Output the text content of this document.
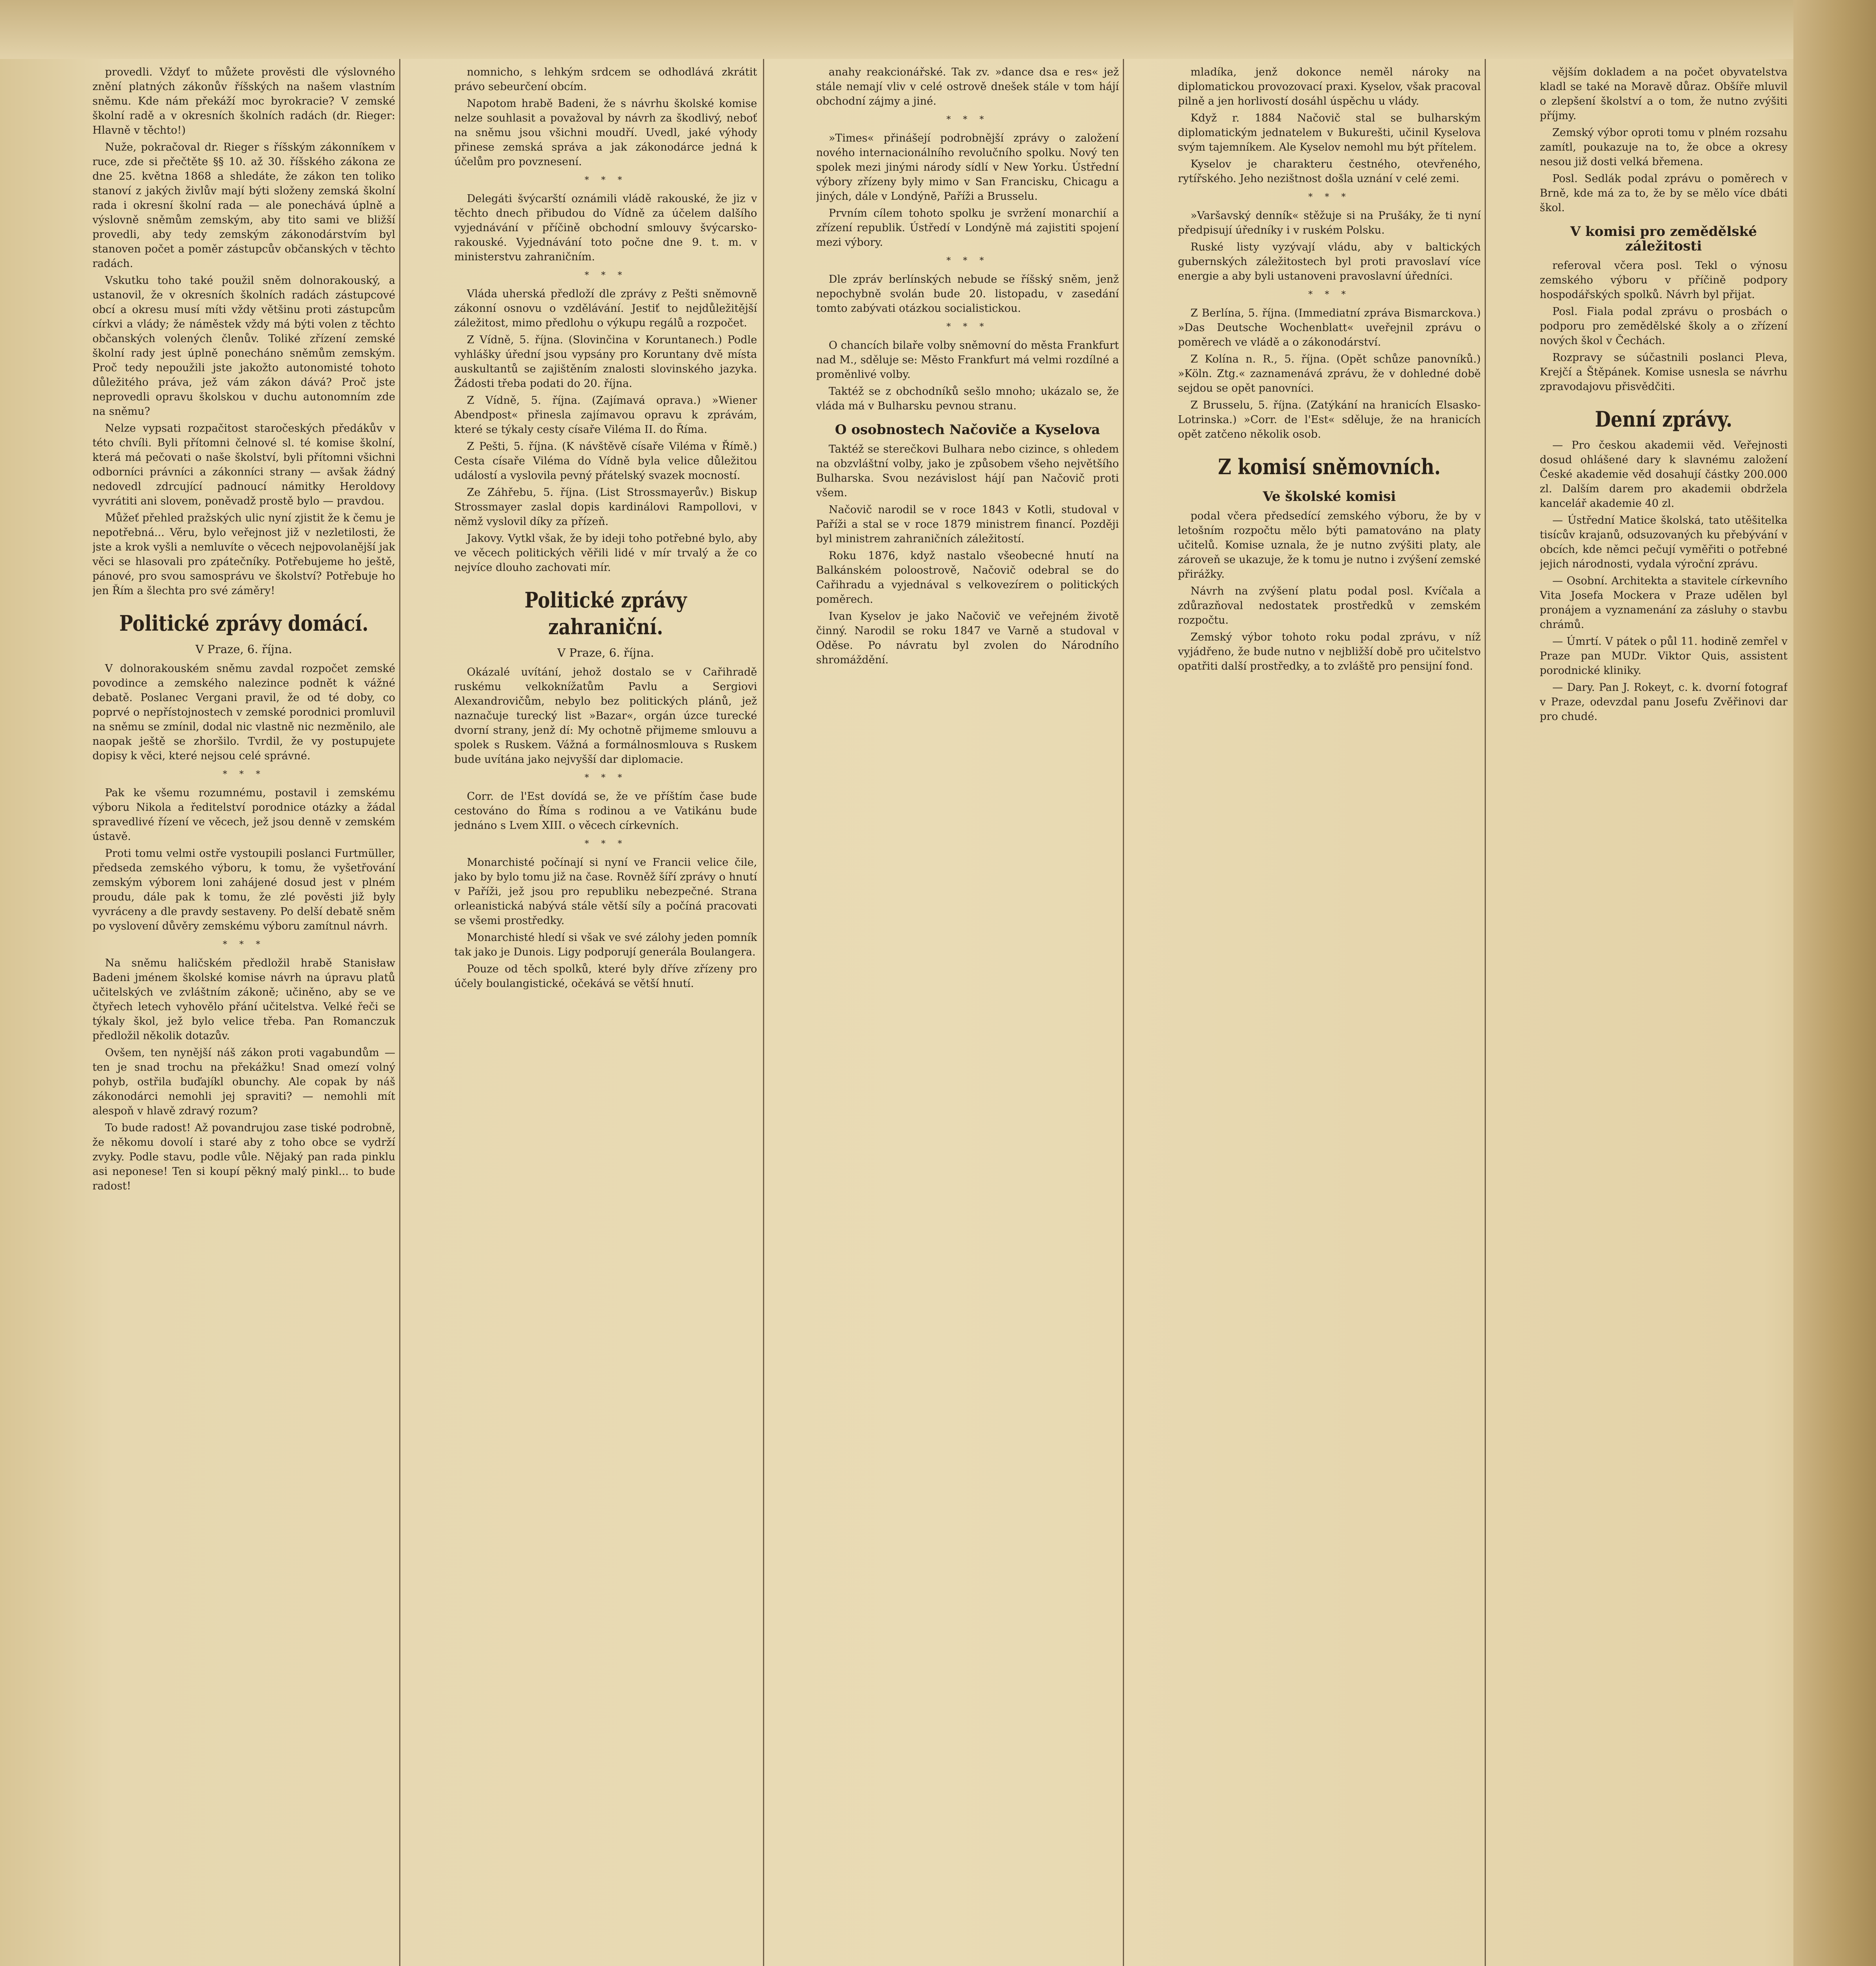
provedli. Vždyť to můžete prověsti dle výslovného znění platných zákonův říšských na našem vlastním sněmu. Kde nám překáží moc byrokracie? V zemské školní radě a v okresních školních radách (dr. Rieger: Hlavně v těchto!)

Nuže, pokračoval dr. Rieger s říšským zákonníkem v ruce, zde si přečtěte §§ 10. až 30. říšského zákona ze dne 25. května 1868 a shledáte, že zákon ten toliko stanoví z jakých živlův mají býti složeny zemská školní rada i okresní školní rada — ale ponechává úplně a výslovně sněmům zemským, aby tito sami ve bližší provedli, aby tedy zemským zákonodárstvím byl stanoven počet a poměr zástupcův občanských v těchto radách.

Vskutku toho také použil sněm dolnorakouský, a ustanovil, že v okresních školních radách zástupcové obcí a okresu musí míti vždy většinu proti zástupcům církvi a vlády; že náměstek vždy má býti volen z těchto občanských volených členův. Toliké zřízení zemské školní rady jest úplně ponecháno sněmům zemským. Proč tedy nepoužili jste jakožto autonomisté tohoto důležitého práva, jež vám zákon dává? Proč jste neprovedli opravu školskou v duchu autonomním zde na sněmu?

Nelze vypsati rozpačitost staročeských předákův v této chvíli. Byli přítomni čelnové sl. té komise školní, která má pečovati o naše školství, byli přítomni všichni odborníci právníci a zákonníci strany — avšak žádný nedovedl zdrcující padnoucí námitky Heroldovy vyvrátiti ani slovem, poněvadž prostě bylo — pravdou.

Můžeť přehled pražských ulic nyní zjistit že k čemu je nepotřebná... Věru, bylo veřejnost již v nezletilosti, že jste a krok vyšli a nemluvíte o věcech nejpovolanější jak věci se hlasovali pro zpátečníky. Potřebujeme ho ještě, pánové, pro svou samosprávu ve školství? Potřebuje ho jen Řím a šlechta pro své záměry!

Politické zprávy domácí.
V Praze, 6. října.

V dolnorakouském sněmu zavdal rozpočet zemské povodince a zemského nalezince podnět k vážné debatě. Poslanec Vergani pravil, že od té doby, co poprvé o nepřístojnostech v zemské porodnici promluvil na sněmu se zmínil, dodal nic vlastně nic nezměnilo, ale naopak ještě se zhoršilo. Tvrdil, že vy postupujete dopisy k věci, které nejsou celé správné.

* * *

Pak ke všemu rozumnému, postavil i zemskému výboru Nikola a ředitelství porodnice otázky a žádal spravedlivé řízení ve věcech, jež jsou denně v zemském ústavě.

Proti tomu velmi ostře vystoupili poslanci Furtmüller, předseda zemského výboru, k tomu, že vyšetřování zemským výborem loni zahájené dosud jest v plném proudu, dále pak k tomu, že zlé pověsti již byly vyvráceny a dle pravdy sestaveny. Po delší debatě sněm po vyslovení důvěry zemskému výboru zamítnul návrh.

* * *

Na sněmu haličském předložil hrabě Stanisław Badeni jménem školské komise návrh na úpravu platů učitelských ve zvláštním zákoně; učiněno, aby se ve čtyřech letech vyhovělo přání učitelstva. Velké řeči se týkaly škol, jež bylo velice třeba. Pan Romanczuk předložil několik dotazův.

Ovšem, ten nynější náš zákon proti vagabundům — ten je snad trochu na překážku! Snad omezí volný pohyb, ostřila buďajíkl obunchy. Ale copak by náš zákonodárci nemohli jej spraviti? — nemohli mít alespoň v hlavě zdravý rozum?

To bude radost! Až povandrujou zase tiské podrobně, že někomu dovolí i staré aby z toho obce se vydrží zvyky. Podle stavu, podle vůle. Nějaký pan rada pinklu asi neponese! Ten si koupí pěkný malý pinkl... to bude radost!

nomnicho, s lehkým srdcem se odhodlává zkrátit právo sebeurčení obcím.

Napotom hrabě Badeni, že s návrhu školské komise nelze souhlasit a považoval by návrh za škodlivý, neboť na sněmu jsou všichni moudří. Uvedl, jaké výhody přinese zemská správa a jak zákonodárce jedná k účelům pro povznesení.

* * *

Delegáti švýcarští oznámili vládě rakouské, že jiz v těchto dnech přibudou do Vídně za účelem dalšího vyjednávání v příčině obchodní smlouvy švýcarsko-rakouské. Vyjednávání toto počne dne 9. t. m. v ministerstvu zahraničním.

* * *

Vláda uherská předloží dle zprávy z Pešti sněmovně zákonní osnovu o vzdělávání. Jestiť to nejdůležitější záležitost, mimo předlohu o výkupu regálů a rozpočet.

Z Vídně, 5. října. (Slovinčina v Koruntanech.) Podle vyhlášky úřední jsou vypsány pro Koruntany dvě místa auskultantů se zajištěním znalosti slovinského jazyka. Žádosti třeba podati do 20. října.

Z Vídně, 5. října. (Zajímavá oprava.) »Wiener Abendpost« přinesla zajímavou opravu k zprávám, které se týkaly cesty císaře Viléma II. do Říma.

Z Pešti, 5. října. (K návštěvě císaře Viléma v Římě.) Cesta císaře Viléma do Vídně byla velice důležitou událostí a vyslovila pevný přátelský svazek mocností.

Ze Záhřebu, 5. října. (List Strossmayerův.) Biskup Strossmayer zaslal dopis kardinálovi Rampollovi, v němž vyslovil díky za přízeň.

Jakovy. Vytkl však, že by ideji toho potřebné bylo, aby ve věcech politických věřili lidé v mír trvalý a že co nejvíce dlouho zachovati mír.

Politické zprávy zahraniční.
V Praze, 6. října.

Okázalé uvítání, jehož dostalo se v Cařihradě ruskému velkoknížatům Pavlu a Sergiovi Alexandrovičům, nebylo bez politických plánů, jež naznačuje turecký list »Bazar«, orgán úzce turecké dvorní strany, jenž dí: My ochotně přijmeme smlouvu a spolek s Ruskem. Vážná a formálnosmlouva s Ruskem bude uvítána jako nejvyšší dar diplomacie.

* * *

Corr. de l'Est dovídá se, že ve příštím čase bude cestováno do Říma s rodinou a ve Vatikánu bude jednáno s Lvem XIII. o věcech církevních.

* * *

Monarchisté počínají si nyní ve Francii velice čile, jako by bylo tomu již na čase. Rovněž šíří zprávy o hnutí v Paříži, jež jsou pro republiku nebezpečné. Strana orleanistická nabývá stále větší síly a počíná pracovati se všemi prostředky.

Monarchisté hledí si však ve své zálohy jeden pomník tak jako je Dunois. Ligy podporují generála Boulangera.

Pouze od těch spolků, které byly dříve zřízeny pro účely boulangistické, očekává se větší hnutí.

anahy reakcionářské. Tak zv. »dance dsa e res« jež stále nemají vliv v celé ostrově dnešek stále v tom hájí obchodní zájmy a jiné.

* * *

»Times« přinášejí podrobnější zprávy o založení nového internacionálního revolučního spolku. Nový ten spolek mezi jinými národy sídlí v New Yorku. Ústřední výbory zřízeny byly mimo v San Francisku, Chicagu a jiných, dále v Londýně, Paříži a Brusselu.

Prvním cílem tohoto spolku je svržení monarchií a zřízení republik. Ústředí v Londýně má zajistiti spojení mezi výbory.

* * *

Dle zpráv berlínských nebude se říšský sněm, jenž nepochybně svolán bude 20. listopadu, v zasedání tomto zabývati otázkou socialistickou.

* * *

O chancích bilaře volby sněmovní do města Frankfurt nad M., sděluje se: Město Frankfurt má velmi rozdílné a proměnlivé volby.

Taktéž se z obchodníků sešlo mnoho; ukázalo se, že vláda má v Bulharsku pevnou stranu.

O osobnostech Načoviče a Kyselova

Taktéž se sterečkovi Bulhara nebo cizince, s ohledem na obzvláštní volby, jako je způsobem všeho největšího Bulharska. Svou nezávislost hájí pan Načovič proti všem.

Načovič narodil se v roce 1843 v Kotli, studoval v Paříži a stal se v roce 1879 ministrem financí. Později byl ministrem zahraničních záležitostí.

Roku 1876, když nastalo všeobecné hnutí na Balkánském poloostrově, Načovič odebral se do Cařihradu a vyjednával s velkovezírem o politických poměrech.

Ivan Kyselov je jako Načovič ve veřejném životě činný. Narodil se roku 1847 ve Varně a studoval v Oděse. Po návratu byl zvolen do Národního shromáždění.

mladíka, jenž dokonce neměl nároky na diplomatickou provozovací praxi. Kyselov, však pracoval pilně a jen horlivostí dosáhl úspěchu u vlády.

Když r. 1884 Načovič stal se bulharským diplomatickým jednatelem v Bukurešti, učinil Kyselova svým tajemníkem. Ale Kyselov nemohl mu být přítelem.

Kyselov je charakteru čestného, otevřeného, rytířského. Jeho nezištnost došla uznání v celé zemi.

* * *

»Varšavský denník« stěžuje si na Prušáky, že ti nyní předpisují úředníky i v ruském Polsku.

Ruské listy vyzývají vládu, aby v baltických gubernských záležitostech byl proti pravoslaví více energie a aby byli ustanoveni pravoslavní úředníci.

* * *

Z Berlína, 5. října. (Immediatní zpráva Bismarckova.) »Das Deutsche Wochenblatt« uveřejnil zprávu o poměrech ve vládě a o zákonodárství.

Z Kolína n. R., 5. října. (Opět schůze panovníků.) »Köln. Ztg.« zaznamenává zprávu, že v dohledné době sejdou se opět panovníci.

Z Brusselu, 5. října. (Zatýkání na hranicích Elsasko-Lotrinska.) »Corr. de l'Est« sděluje, že na hranicích opět zatčeno několik osob.

Z komisí sněmovních.
Ve školské komisi

podal včera předsedící zemského výboru, že by v letošním rozpočtu mělo býti pamatováno na platy učitelů. Komise uznala, že je nutno zvýšiti platy, ale zároveň se ukazuje, že k tomu je nutno i zvýšení zemské přirážky.

Návrh na zvýšení platu podal posl. Kvíčala a zdůrazňoval nedostatek prostředků v zemském rozpočtu.

Zemský výbor tohoto roku podal zprávu, v níž vyjádřeno, že bude nutno v nejbližší době pro učitelstvo opatřiti další prostředky, a to zvláště pro pensijní fond.

vějším dokladem a na počet obyvatelstva kladl se také na Moravě důraz. Obšíře mluvil o zlepšení školství a o tom, že nutno zvýšiti příjmy.

Zemský výbor oproti tomu v plném rozsahu zamítl, poukazuje na to, že obce a okresy nesou již dosti velká břemena.

Posl. Sedlák podal zprávu o poměrech v Brně, kde má za to, že by se mělo více dbáti škol.

V komisi pro zemědělské záležitosti

referoval včera posl. Tekl o výnosu zemského výboru v příčině podpory hospodářských spolků. Návrh byl přijat.

Posl. Fiala podal zprávu o prosbách o podporu pro zemědělské školy a o zřízení nových škol v Čechách.

Rozpravy se súčastnili poslanci Pleva, Krejčí a Štěpánek. Komise usnesla se návrhu zpravodajovu přisvědčiti.

Denní zprávy.

— Pro českou akademii věd. Veřejnosti dosud ohlášené dary k slavnému založení České akademie věd dosahují částky 200.000 zl. Dalším darem pro akademii obdržela kancelář akademie 40 zl.

— Ústřední Matice školská, tato utěšitelka tisícův krajanů, odsuzovaných ku přebývání v obcích, kde němci pečují vyměřiti o potřebné jejich národnosti, vydala výroční zprávu.

— Osobní. Architekta a stavitele církevního Vita Josefa Mockera v Praze udělen byl pronájem a vyznamenání za zásluhy o stavbu chrámů.

— Úmrtí. V pátek o půl 11. hodině zemřel v Praze pan MUDr. Viktor Quis, assistent porodnické kliniky.

— Dary. Pan J. Rokeyt, c. k. dvorní fotograf v Praze, odevzdal panu Josefu Zvěřinovi dar pro chudé.
